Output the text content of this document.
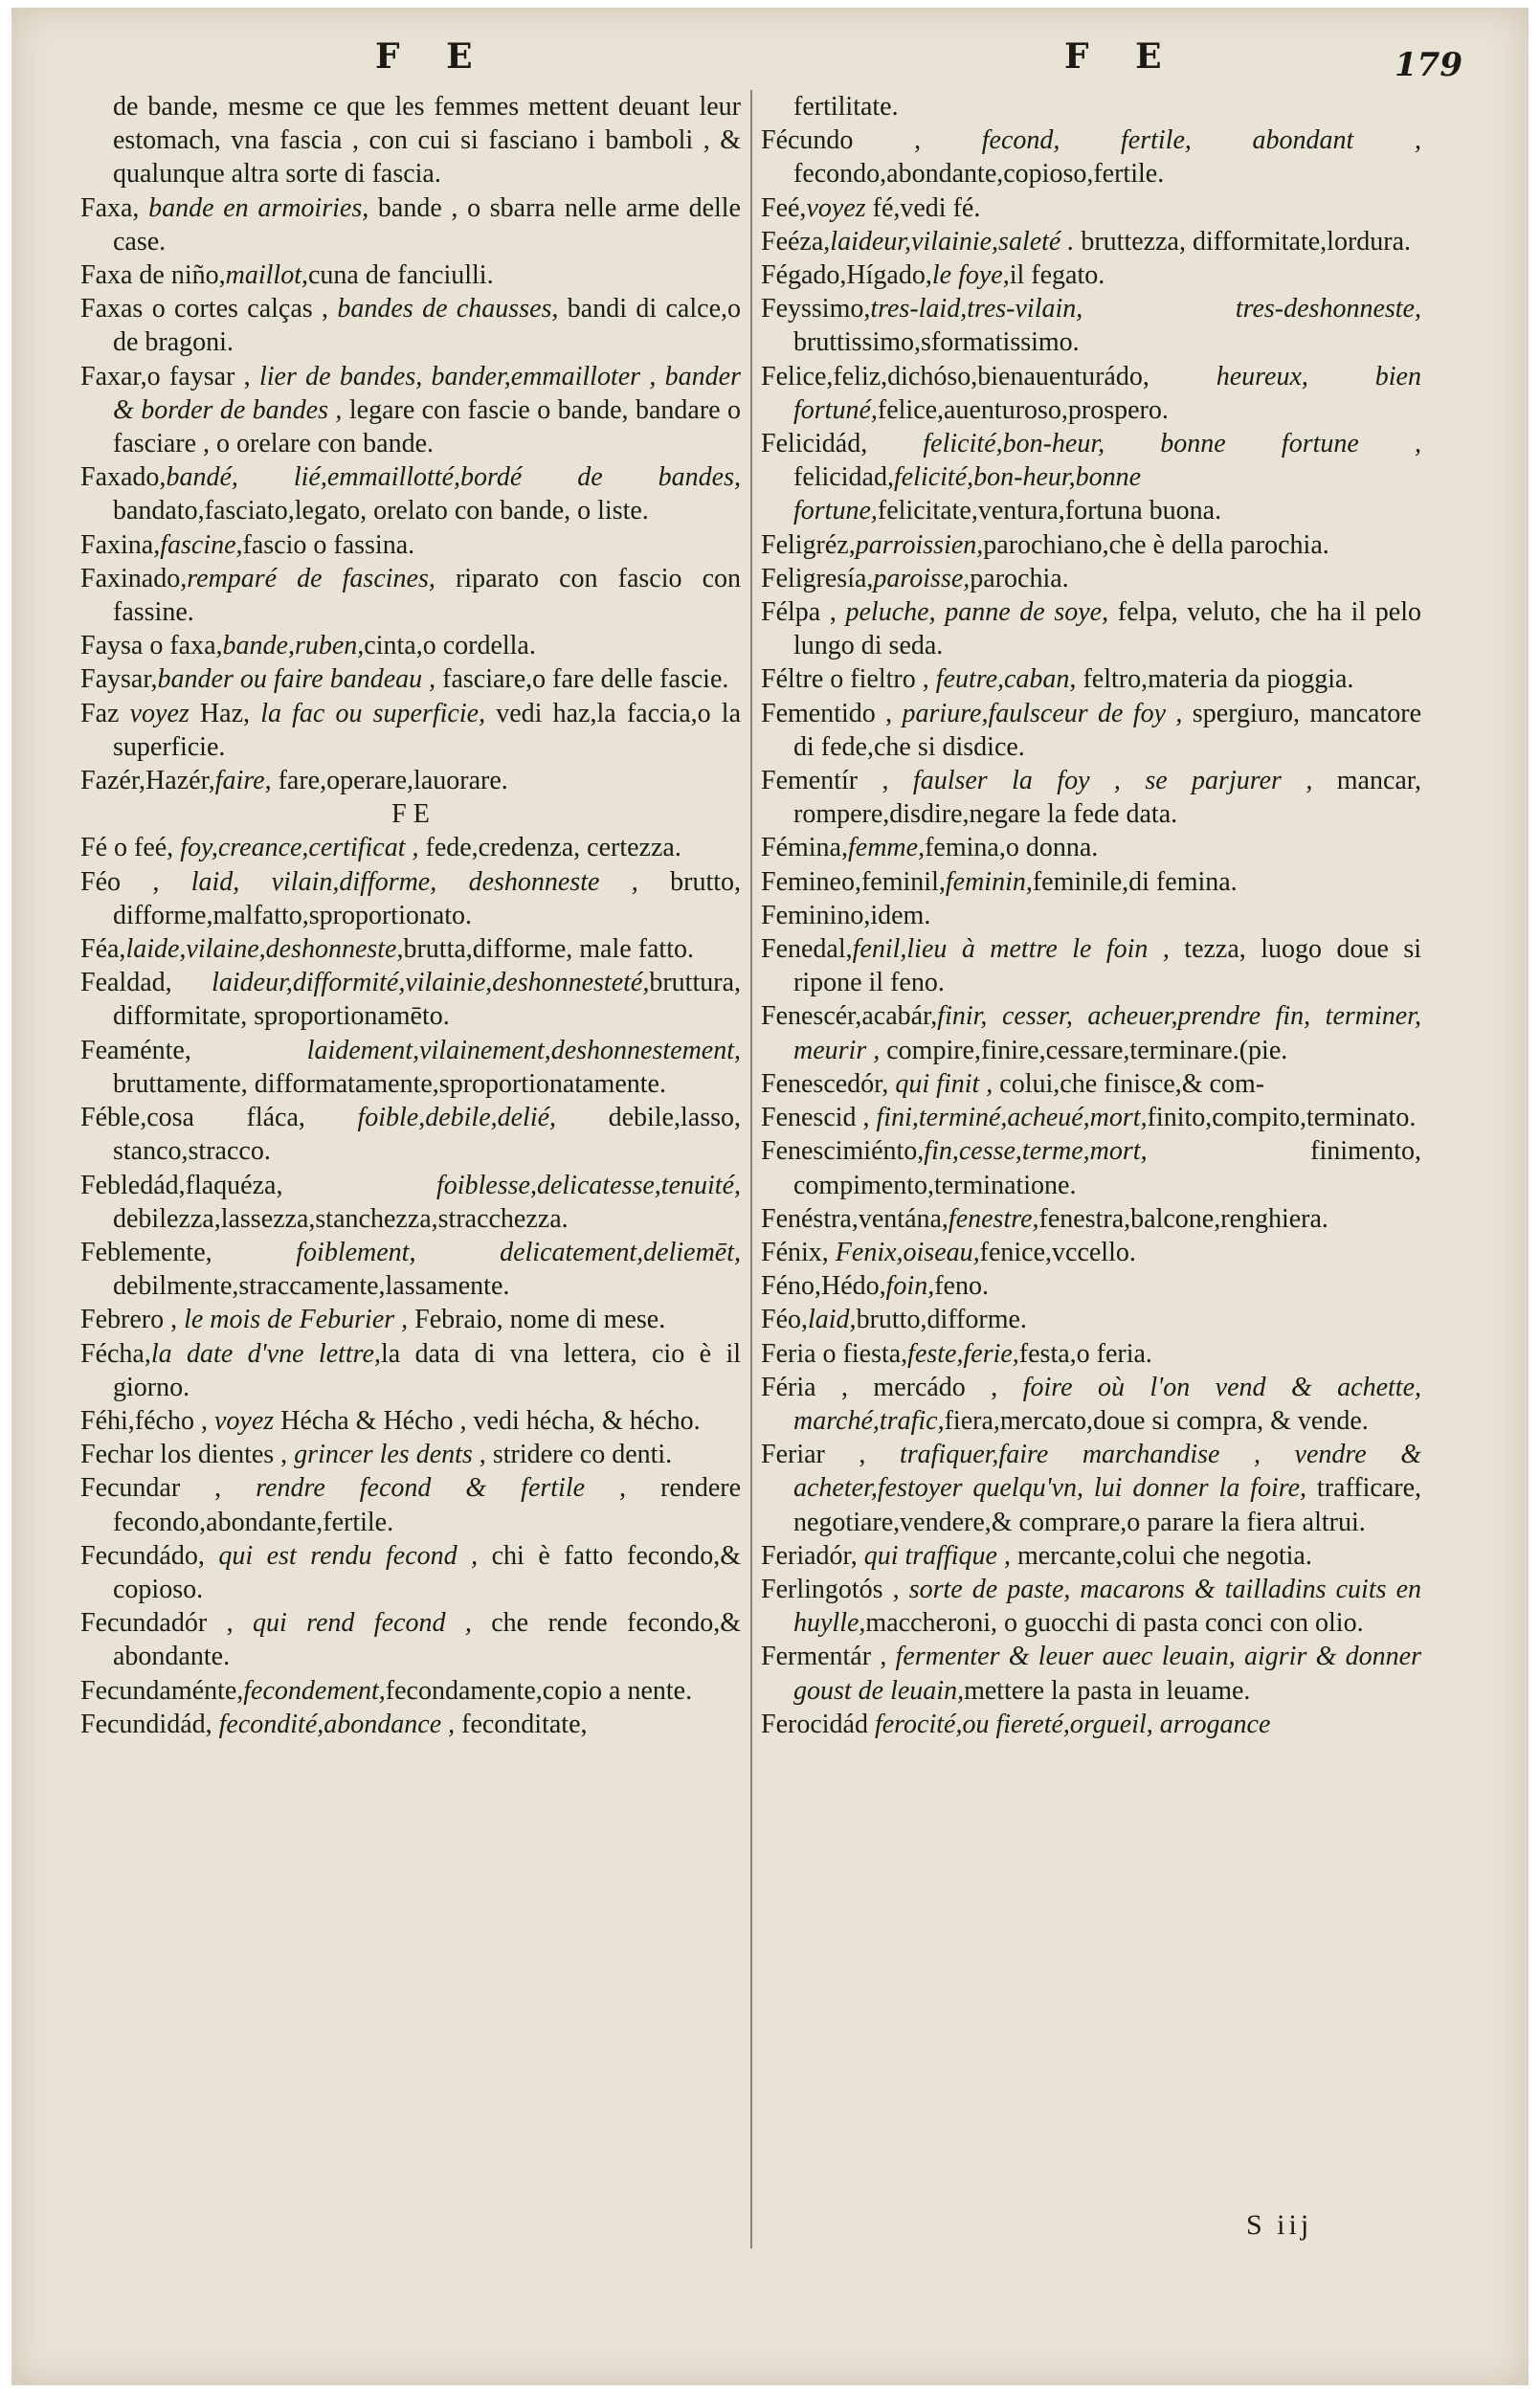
F E	F E	179

de bande, mesme ce que les femmes mettent deuant leur estomach, vna fascia , con cui si fasciano i bamboli , & qualunque altra sorte di fascia.

Faxa, bande en armoiries, bande , o sbarra nelle arme delle case.

Faxa de niño,maillot,cuna de fanciulli.

Faxas o cortes calças , bandes de chausses, bandi di calce,o de bragoni.

Faxar,o faysar , lier de bandes, bander,emmailloter , bander & border de bandes , legare con fascie o bande, bandare o fasciare , o orelare con bande.

Faxado,bandé, lié,emmaillotté,bordé de bandes, bandato,fasciato,legato, orelato con bande, o liste.

Faxina,fascine,fascio o fassina.

Faxinado,remparé de fascines, riparato con fascio con fassine.

Faysa o faxa,bande,ruben,cinta,o cordella.

Faysar,bander ou faire bandeau , fasciare,o fare delle fascie.

Faz voyez Haz, la fac ou superficie, vedi haz,la faccia,o la superficie.

Fazér,Hazér,faire, fare,operare,lauorare.

F E

Fé o feé, foy,creance,certificat , fede,credenza, certezza.

Féo , laid, vilain,difforme, deshonneste , brutto, difforme,malfatto,sproportionato.

Féa,laide,vilaine,deshonneste,brutta,difforme, male fatto.

Fealdad, laideur,difformité,vilainie,deshonnesteté,bruttura, difformitate, sproportionamēto.

Feaménte, laidement,vilainement,deshonnestement, bruttamente, difformatamente,sproportionatamente.

Féble,cosa fláca, foible,debile,delié, debile,lasso, stanco,stracco.

Febledád,flaquéza, foiblesse,delicatesse,tenuité, debilezza,lassezza,stanchezza,stracchezza.

Feblemente, foiblement, delicatement,deliemēt, debilmente,straccamente,lassamente.

Febrero , le mois de Feburier , Febraio, nome di mese.

Fécha,la date d'vne lettre,la data di vna lettera, cio è il giorno.

Féhi,fécho , voyez Hécha & Hécho , vedi hécha, & hécho.

Fechar los dientes , grincer les dents , stridere co denti.

Fecundar , rendre fecond & fertile , rendere fecondo,abondante,fertile.

Fecundádo, qui est rendu fecond , chi è fatto fecondo,& copioso.

Fecundadór , qui rend fecond , che rende fecondo,& abondante.

Fecundaménte,fecondement,fecondamente,copio a nente.

Fecundidád, fecondité,abondance , feconditate,

fertilitate.

Fécundo , fecond, fertile, abondant , fecondo,abondante,copioso,fertile.

Feé,voyez fé,vedi fé.

Feéza,laideur,vilainie,saleté . bruttezza, difformitate,lordura.

Fégado,Hígado,le foye,il fegato.

Feyssimo,tres-laid,tres-vilain, tres-deshonneste, bruttissimo,sformatissimo.

Felice,feliz,dichóso,bienauenturádo, heureux, bien fortuné,felice,auenturoso,prospero.

Felicidád, felicité,bon-heur, bonne fortune , felicidad,felicité,bon-heur,bonne fortune,felicitate,ventura,fortuna buona.

Feligréz,parroissien,parochiano,che è della parochia.

Feligresía,paroisse,parochia.

Félpa , peluche, panne de soye, felpa, veluto, che ha il pelo lungo di seda.

Féltre o fieltro , feutre,caban, feltro,materia da pioggia.

Fementido , pariure,faulsceur de foy , spergiuro, mancatore di fede,che si disdice.

Fementír , faulser la foy , se parjurer , mancar, rompere,disdire,negare la fede data.

Fémina,femme,femina,o donna.

Femineo,feminil,feminin,feminile,di femina.

Feminino,idem.

Fenedal,fenil,lieu à mettre le foin , tezza, luogo doue si ripone il feno.

Fenescér,acabár,finir, cesser, acheuer,prendre fin, terminer, meurir , compire,finire,cessare,terminare.(pie.

Fenescedór, qui finit , colui,che finisce,& com-

Fenescid , fini,terminé,acheué,mort,finito,compito,terminato.

Fenescimiénto,fin,cesse,terme,mort, finimento, compimento,terminatione.

Fenéstra,ventána,fenestre,fenestra,balcone,renghiera.

Fénix, Fenix,oiseau,fenice,vccello.

Féno,Hédo,foin,feno.

Féo,laid,brutto,difforme.

Feria o fiesta,feste,ferie,festa,o feria.

Féria , mercádo , foire où l'on vend & achette, marché,trafic,fiera,mercato,doue si compra, & vende.

Feriar , trafiquer,faire marchandise , vendre & acheter,festoyer quelqu'vn, lui donner la foire, trafficare, negotiare,vendere,& comprare,o parare la fiera altrui.

Feriadór, qui traffique , mercante,colui che negotia.

Ferlingotós , sorte de paste, macarons & tailladins cuits en huylle,maccheroni, o guocchi di pasta conci con olio.

Fermentár , fermenter & leuer auec leuain, aigrir & donner goust de leuain,mettere la pasta in leuame.

Ferocidád ferocité,ou fiereté,orgueil, arrogance

S iij
